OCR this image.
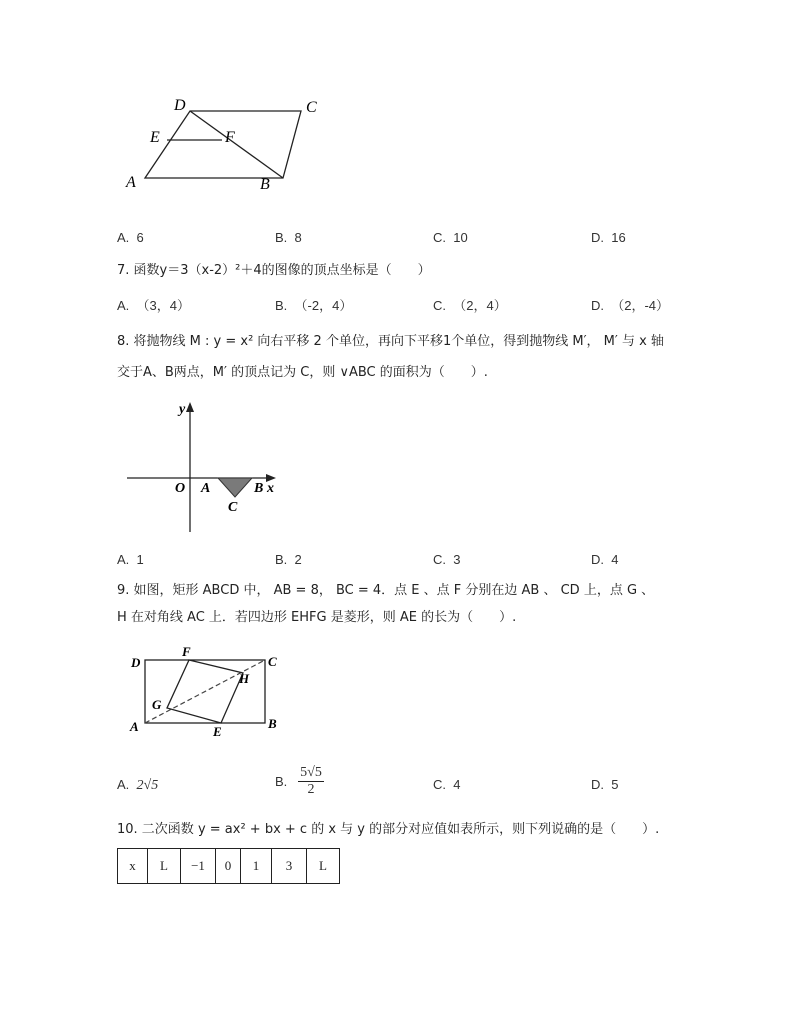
A	B
C
D
E	F
A. 6	B. 8	C. 10	D. 16
7. 函数y＝3（x-2）²＋4的图像的顶点坐标是（　　）
A. （3，4）	B. （-2，4）	C. （2，4）	D. （2，-4）
8. 将抛物线 M : y = x² 向右平移 2 个单位，再向下平移1个单位，得到抛物线 M′， M′ 与 x 轴
交于A、B两点，M′ 的顶点记为 C，则 ∨ABC 的面积为（　　）.
y
x
O A	B
C
A. 1	B. 2	C. 3	D. 4
9. 如图，矩形 ABCD 中， AB = 8， BC = 4．点 E 、点 F 分别在边 AB 、 CD 上，点 G 、
H 在对角线 AC 上．若四边形 EHFG 是菱形，则 AE 的长为（　　）.
D	C
F
H
G
A	E
B
A. 2√5	B. $\frac{5√5}{2}$	C. 4	D. 5
10. 二次函数 y = ax² + bx + c 的 x 与 y 的部分对应值如表所示，则下列说确的是（　　）.
x	L	−1	0	1	3	L
